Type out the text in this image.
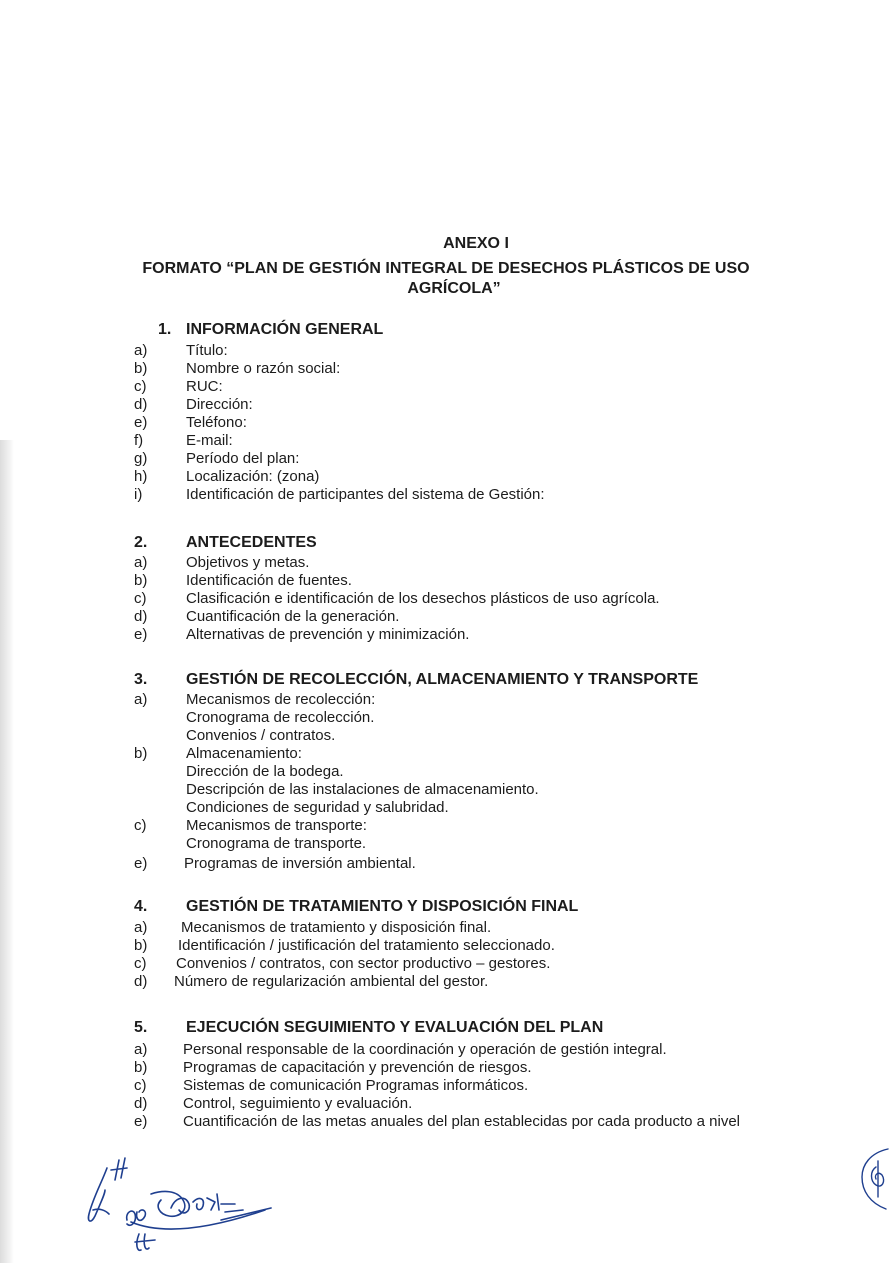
ANEXO I
FORMATO “PLAN DE GESTIÓN INTEGRAL DE DESECHOS PLÁSTICOS DE USO
AGRÍCOLA”
1. INFORMACIÓN GENERAL
a)	Título:
b)	Nombre o razón social:
c)	RUC:
d)	Dirección:
e)	Teléfono:
f)	E-mail:
g)	Período del plan:
h)	Localización: (zona)
i)	Identificación de participantes del sistema de Gestión:
2. ANTECEDENTES
a)	Objetivos y metas.
b)	Identificación de fuentes.
c)	Clasificación e identificación de los desechos plásticos de uso agrícola.
d)	Cuantificación de la generación.
e)	Alternativas de prevención y minimización.
3. GESTIÓN DE RECOLECCIÓN, ALMACENAMIENTO Y TRANSPORTE
a)	Mecanismos de recolección:
Cronograma de recolección.
Convenios / contratos.
b)	Almacenamiento:
Dirección de la bodega.
Descripción de las instalaciones de almacenamiento.
Condiciones de seguridad y salubridad.
c)	Mecanismos de transporte:
Cronograma de transporte.
e) Programas de inversión ambiental.
4. GESTIÓN DE TRATAMIENTO Y DISPOSICIÓN FINAL
a) Mecanismos de tratamiento y disposición final.
b) Identificación / justificación del tratamiento seleccionado.
c) Convenios / contratos, con sector productivo – gestores.
d) Número de regularización ambiental del gestor.
5. EJECUCIÓN SEGUIMIENTO Y EVALUACIÓN DEL PLAN
a) Personal responsable de la coordinación y operación de gestión integral.
b) Programas de capacitación y prevención de riesgos.
c) Sistemas de comunicación Programas informáticos.
d) Control, seguimiento y evaluación.
e) Cuantificación de las metas anuales del plan establecidas por cada producto a nivel
